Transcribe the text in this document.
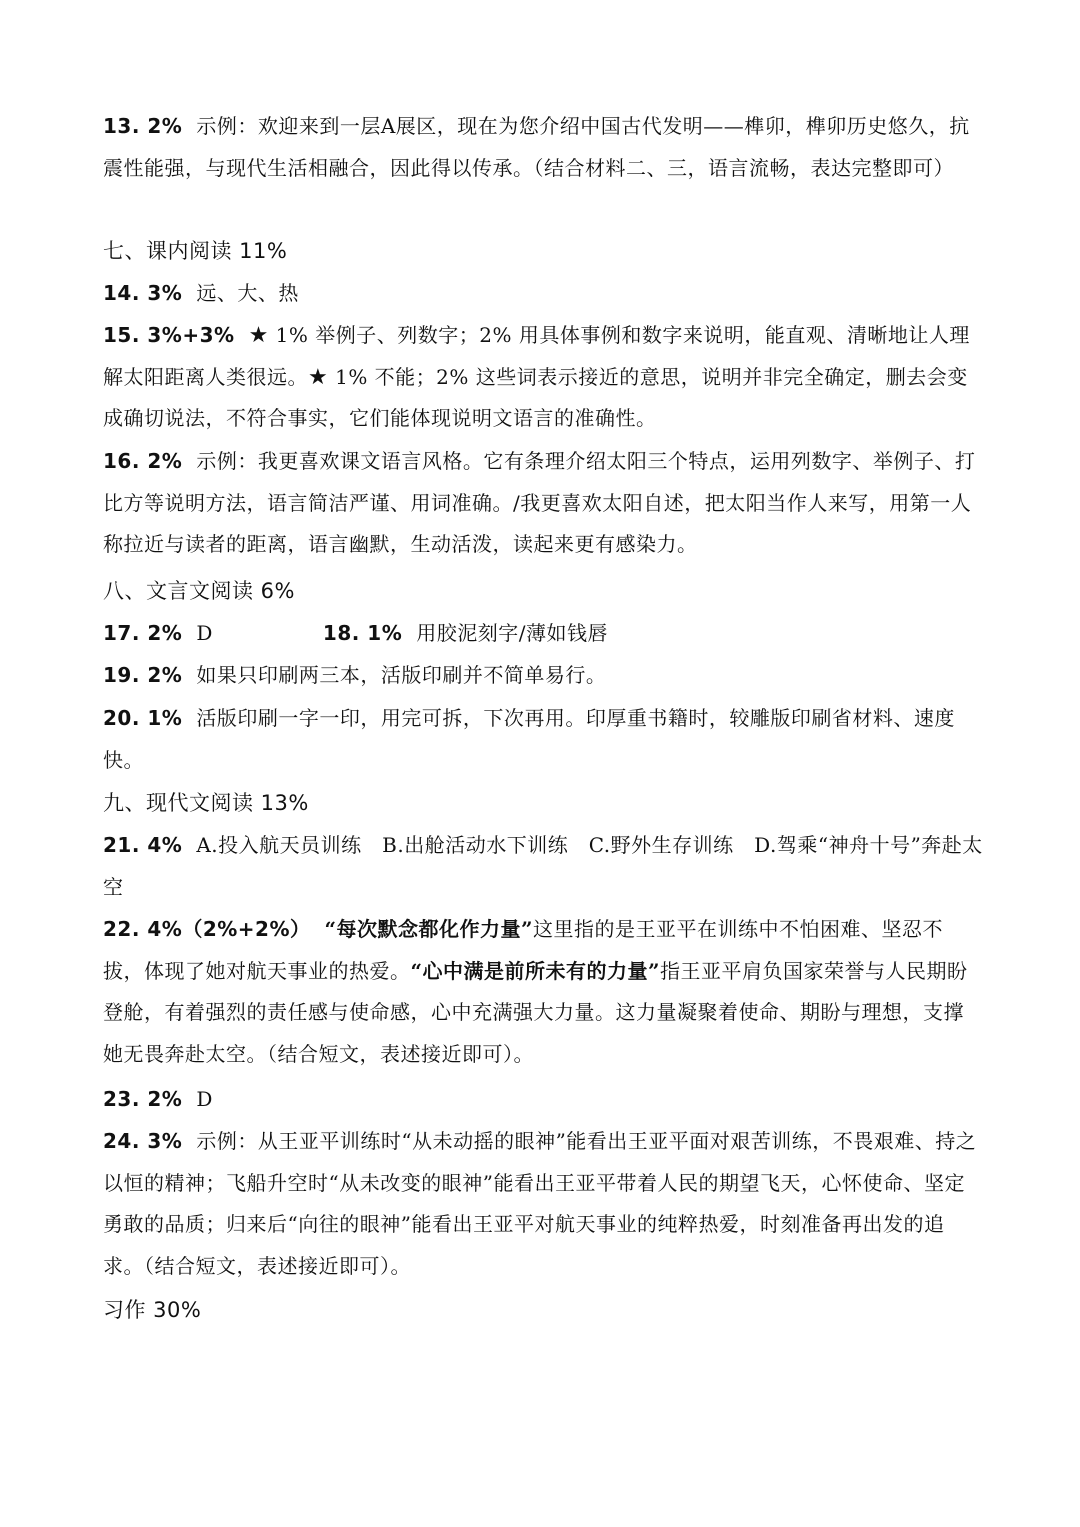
13. 2% 示例：欢迎来到一层A展区，现在为您介绍中国古代发明——榫卯，榫卯历史悠久，抗震性能强，与现代生活相融合，因此得以传承。（结合材料二、三，语言流畅，表达完整即可）
七、课内阅读 11%
14. 3% 远、大、热
15. 3%+3% ★ 1% 举例子、列数字；2% 用具体事例和数字来说明，能直观、清晰地让人理解太阳距离人类很远。★ 1% 不能；2% 这些词表示接近的意思，说明并非完全确定，删去会变成确切说法，不符合事实，它们能体现说明文语言的准确性。
16. 2% 示例：我更喜欢课文语言风格。它有条理介绍太阳三个特点，运用列数字、举例子、打比方等说明方法，语言简洁严谨、用词准确。/我更喜欢太阳自述，把太阳当作人来写，用第一人称拉近与读者的距离，语言幽默，生动活泼，读起来更有感染力。
八、文言文阅读 6%
17. 2% D	18. 1% 用胶泥刻字/薄如钱唇
19. 2% 如果只印刷两三本，活版印刷并不简单易行。
20. 1% 活版印刷一字一印，用完可拆，下次再用。印厚重书籍时，较雕版印刷省材料、速度快。
九、现代文阅读 13%
21. 4% A.投入航天员训练　B.出舱活动水下训练　C.野外生存训练　D.驾乘“神舟十号”奔赴太空
22. 4%（2%+2%） “每次默念都化作力量”这里指的是王亚平在训练中不怕困难、坚忍不拔，体现了她对航天事业的热爱。“心中满是前所未有的力量”指王亚平肩负国家荣誉与人民期盼登舱，有着强烈的责任感与使命感，心中充满强大力量。这力量凝聚着使命、期盼与理想，支撑她无畏奔赴太空。（结合短文，表述接近即可）。
23. 2% D
24. 3% 示例：从王亚平训练时“从未动摇的眼神”能看出王亚平面对艰苦训练，不畏艰难、持之以恒的精神；飞船升空时“从未改变的眼神”能看出王亚平带着人民的期望飞天，心怀使命、坚定勇敢的品质；归来后“向往的眼神”能看出王亚平对航天事业的纯粹热爱，时刻准备再出发的追求。（结合短文，表述接近即可）。
习作 30%
